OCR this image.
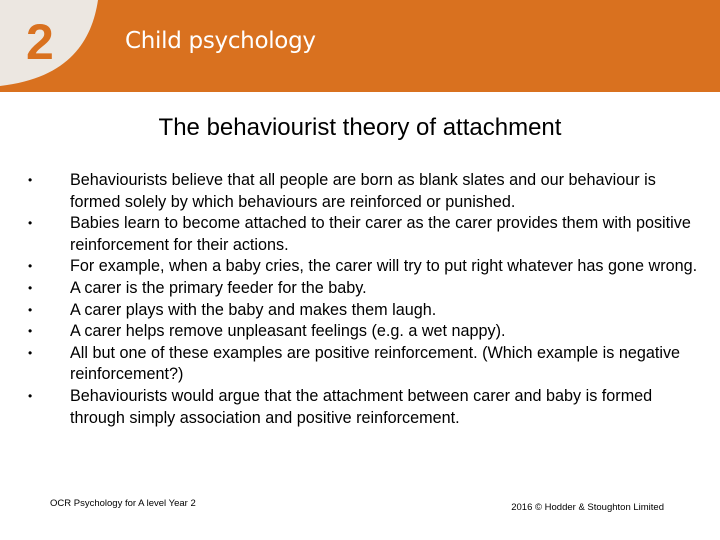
2	Child psychology
The behaviourist theory of attachment
• Behaviourists believe that all people are born as blank slates and our behaviour is formed solely by which behaviours are reinforced or punished.
• Babies learn to become attached to their carer as the carer provides them with positive reinforcement for their actions.
• For example, when a baby cries, the carer will try to put right whatever has gone wrong.
• A carer is the primary feeder for the baby.
• A carer plays with the baby and makes them laugh.
• A carer helps remove unpleasant feelings (e.g. a wet nappy).
• All but one of these examples are positive reinforcement. (Which example is negative reinforcement?)
• Behaviourists would argue that the attachment between carer and baby is formed through simply association and positive reinforcement.
OCR Psychology for A level Year 2	2016 © Hodder & Stoughton Limited
